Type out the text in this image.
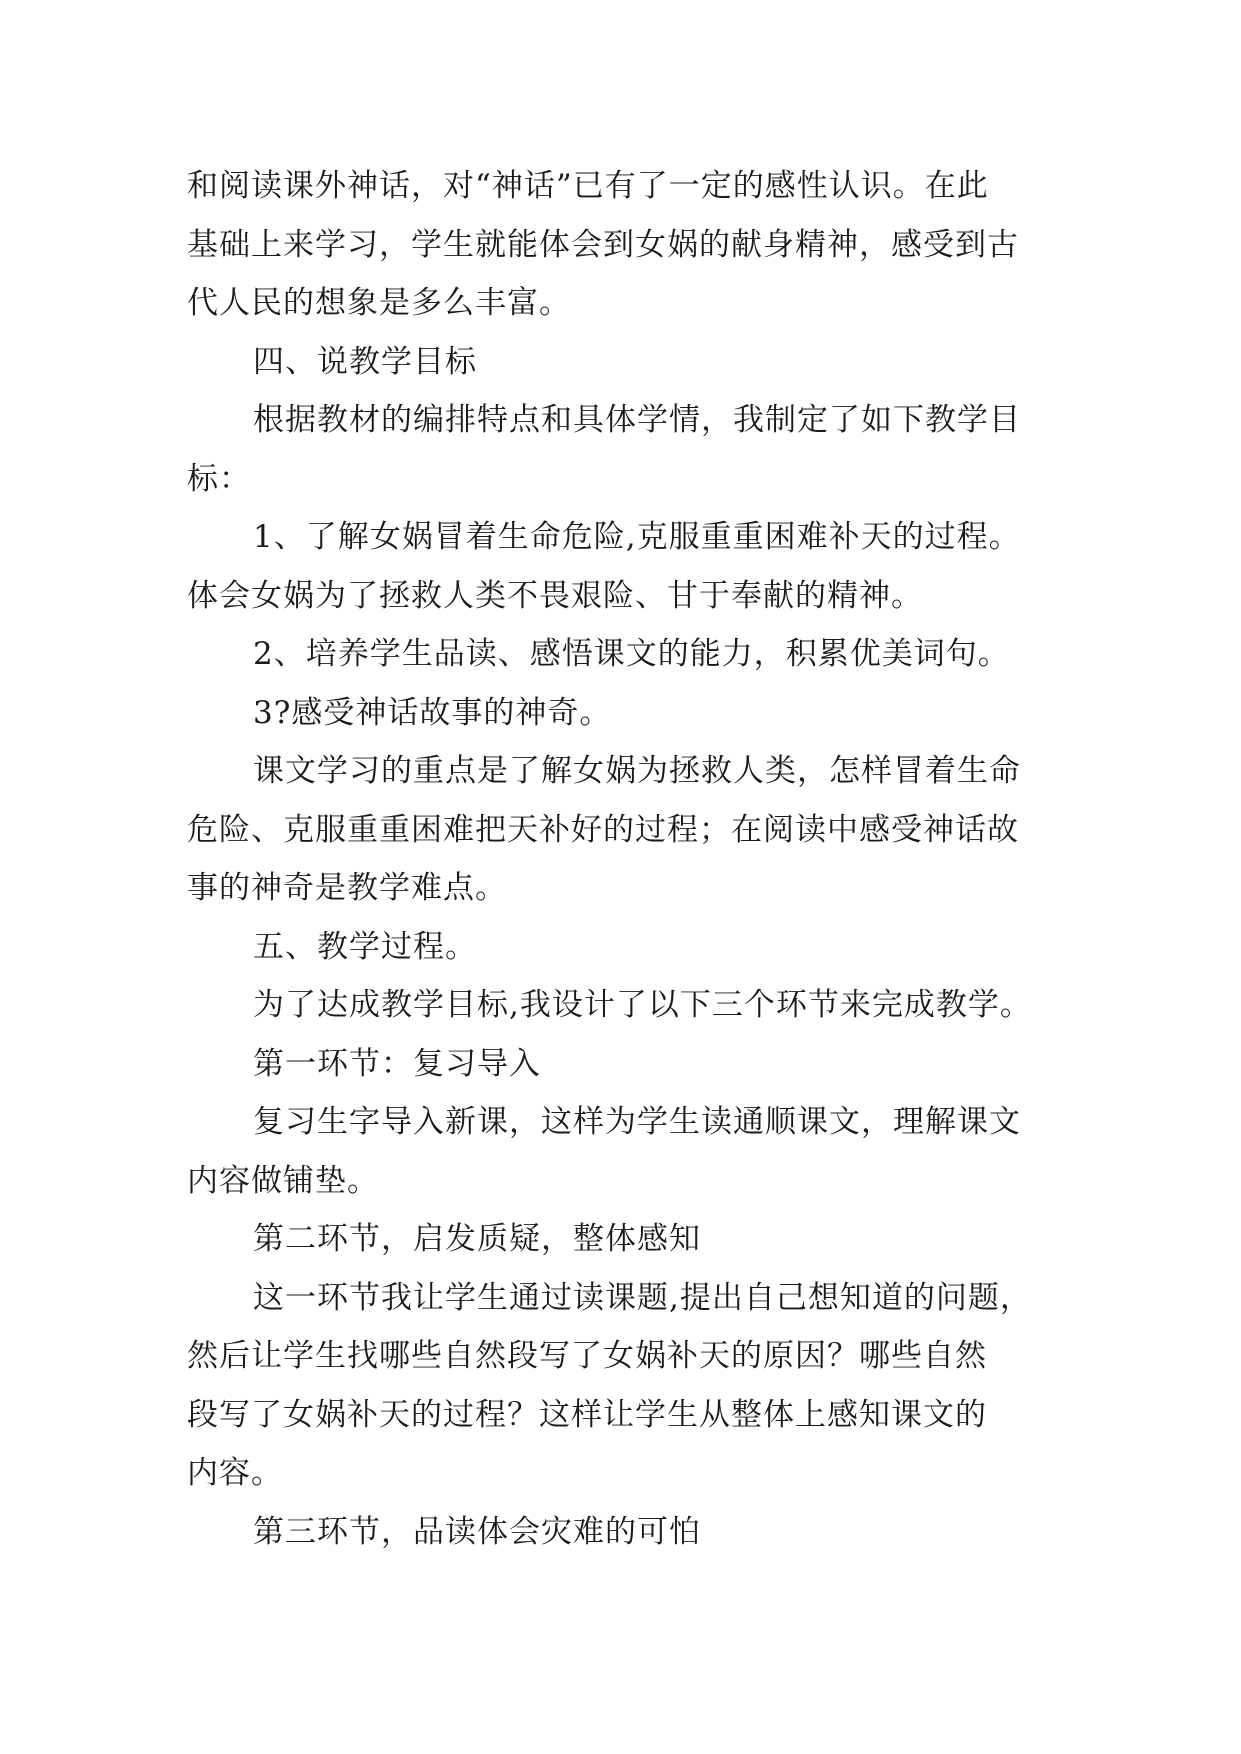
和阅读课外神话，对“神话”已有了一定的感性认识。在此
基础上来学习，学生就能体会到女娲的献身精神，感受到古
代人民的想象是多么丰富。
四、说教学目标
根据教材的编排特点和具体学情，我制定了如下教学目
标：
1、了解女娲冒着生命危险,克服重重困难补天的过程。
体会女娲为了拯救人类不畏艰险、甘于奉献的精神。
2、培养学生品读、感悟课文的能力，积累优美词句。
3?感受神话故事的神奇。
课文学习的重点是了解女娲为拯救人类，怎样冒着生命
危险、克服重重困难把天补好的过程；在阅读中感受神话故
事的神奇是教学难点。
五、教学过程。
为了达成教学目标,我设计了以下三个环节来完成教学。
第一环节：复习导入
复习生字导入新课，这样为学生读通顺课文，理解课文
内容做铺垫。
第二环节，启发质疑，整体感知
这一环节我让学生通过读课题,提出自己想知道的问题，
然后让学生找哪些自然段写了女娲补天的原因？哪些自然
段写了女娲补天的过程？这样让学生从整体上感知课文的
内容。
第三环节，品读体会灾难的可怕
